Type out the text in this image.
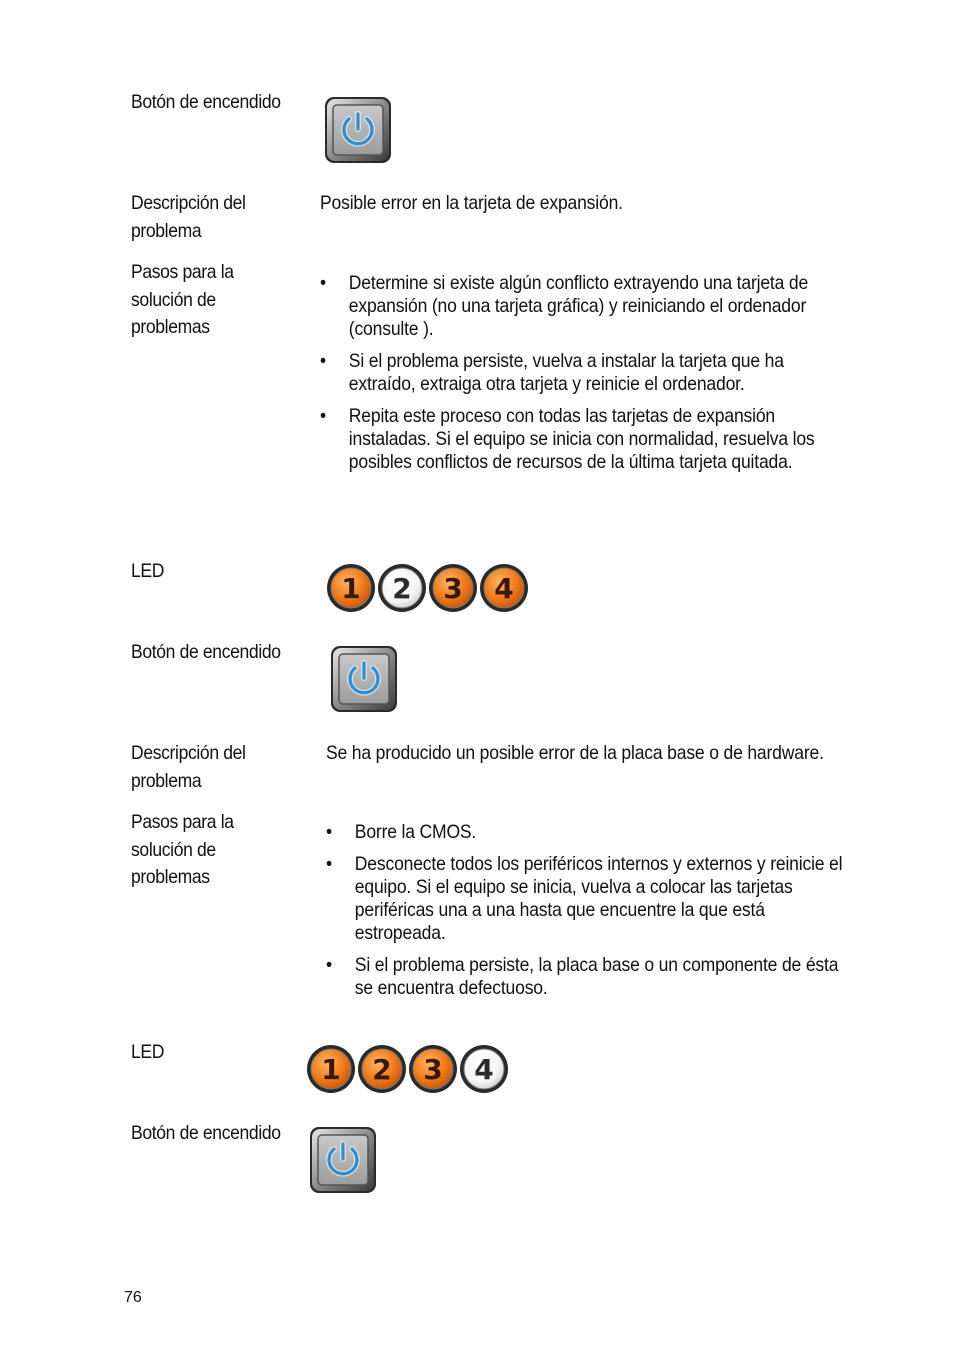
Botón de encendido
Descripción del problema
Posible error en la tarjeta de expansión.
Pasos para la solución de problemas
• Determine si existe algún conflicto extrayendo una tarjeta de expansión (no una tarjeta gráfica) y reiniciando el ordenador (consulte ).
• Si el problema persiste, vuelva a instalar la tarjeta que ha extraído, extraiga otra tarjeta y reinicie el ordenador.
• Repita este proceso con todas las tarjetas de expansión instaladas. Si el equipo se inicia con normalidad, resuelva los posibles conflictos de recursos de la última tarjeta quitada.
LED
1 2 3 4
Botón de encendido
Descripción del problema
Se ha producido un posible error de la placa base o de hardware.
Pasos para la solución de problemas
• Borre la CMOS.
• Desconecte todos los periféricos internos y externos y reinicie el equipo. Si el equipo se inicia, vuelva a colocar las tarjetas periféricas una a una hasta que encuentre la que está estropeada.
• Si el problema persiste, la placa base o un componente de ésta se encuentra defectuoso.
LED
1 2 3 4
Botón de encendido
76
